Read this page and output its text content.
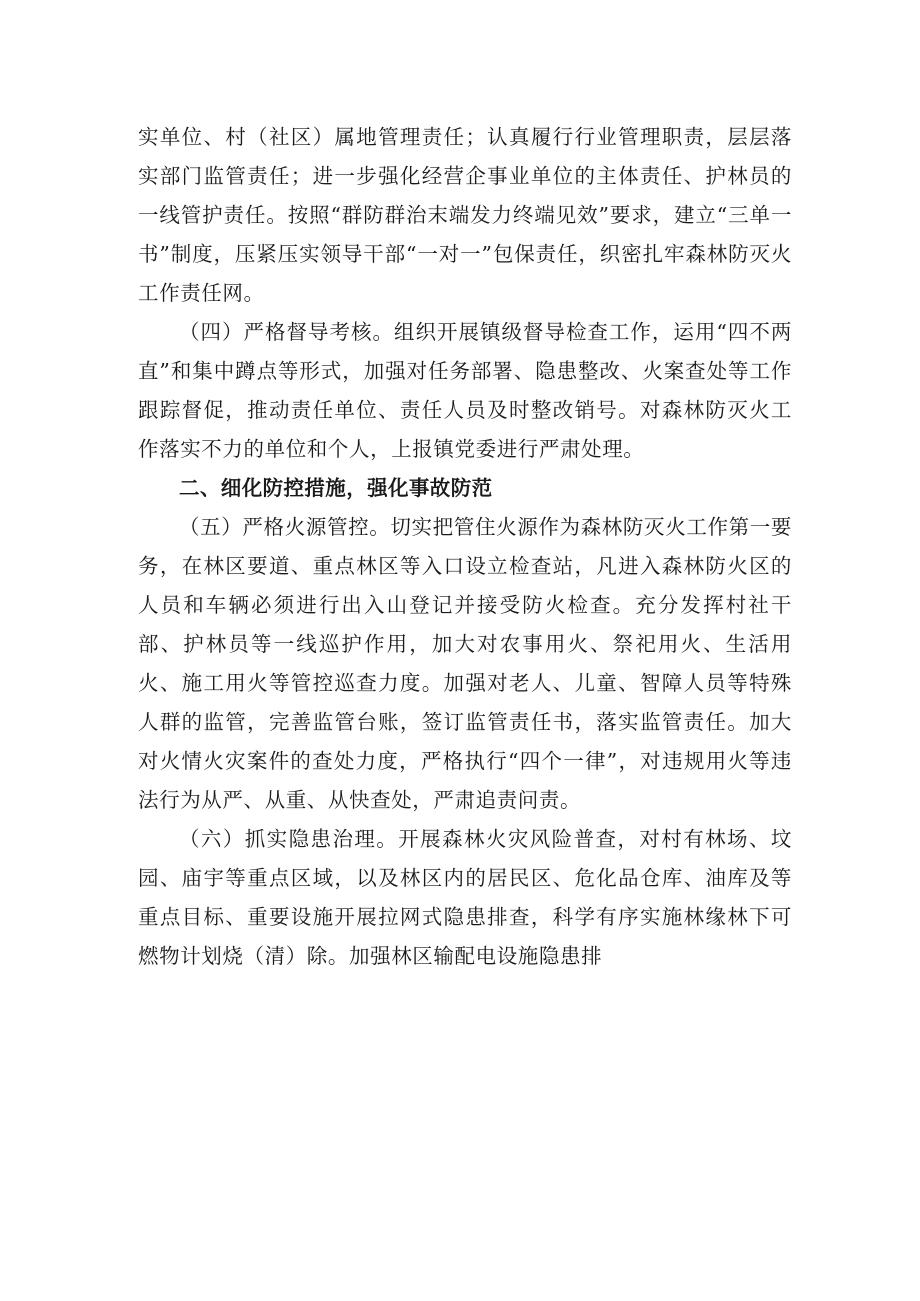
实单位、村（社区）属地管理责任；认真履行行业管理职责，层层落实部门监管责任；进一步强化经营企事业单位的主体责任、护林员的一线管护责任。按照“群防群治末端发力终端见效”要求，建立“三单一书”制度，压紧压实领导干部“一对一”包保责任，织密扎牢森林防灭火工作责任网。

（四）严格督导考核。组织开展镇级督导检查工作，运用“四不两直”和集中蹲点等形式，加强对任务部署、隐患整改、火案查处等工作跟踪督促，推动责任单位、责任人员及时整改销号。对森林防灭火工作落实不力的单位和个人，上报镇党委进行严肃处理。

二、细化防控措施，强化事故防范

（五）严格火源管控。切实把管住火源作为森林防灭火工作第一要务，在林区要道、重点林区等入口设立检查站，凡进入森林防火区的人员和车辆必须进行出入山登记并接受防火检查。充分发挥村社干部、护林员等一线巡护作用，加大对农事用火、祭祀用火、生活用火、施工用火等管控巡查力度。加强对老人、儿童、智障人员等特殊人群的监管，完善监管台账，签订监管责任书，落实监管责任。加大对火情火灾案件的查处力度，严格执行“四个一律”，对违规用火等违法行为从严、从重、从快查处，严肃追责问责。

（六）抓实隐患治理。开展森林火灾风险普查，对村有林场、坟园、庙宇等重点区域，以及林区内的居民区、危化品仓库、油库及等重点目标、重要设施开展拉网式隐患排查，科学有序实施林缘林下可燃物计划烧（清）除。加强林区输配电设施隐患排
